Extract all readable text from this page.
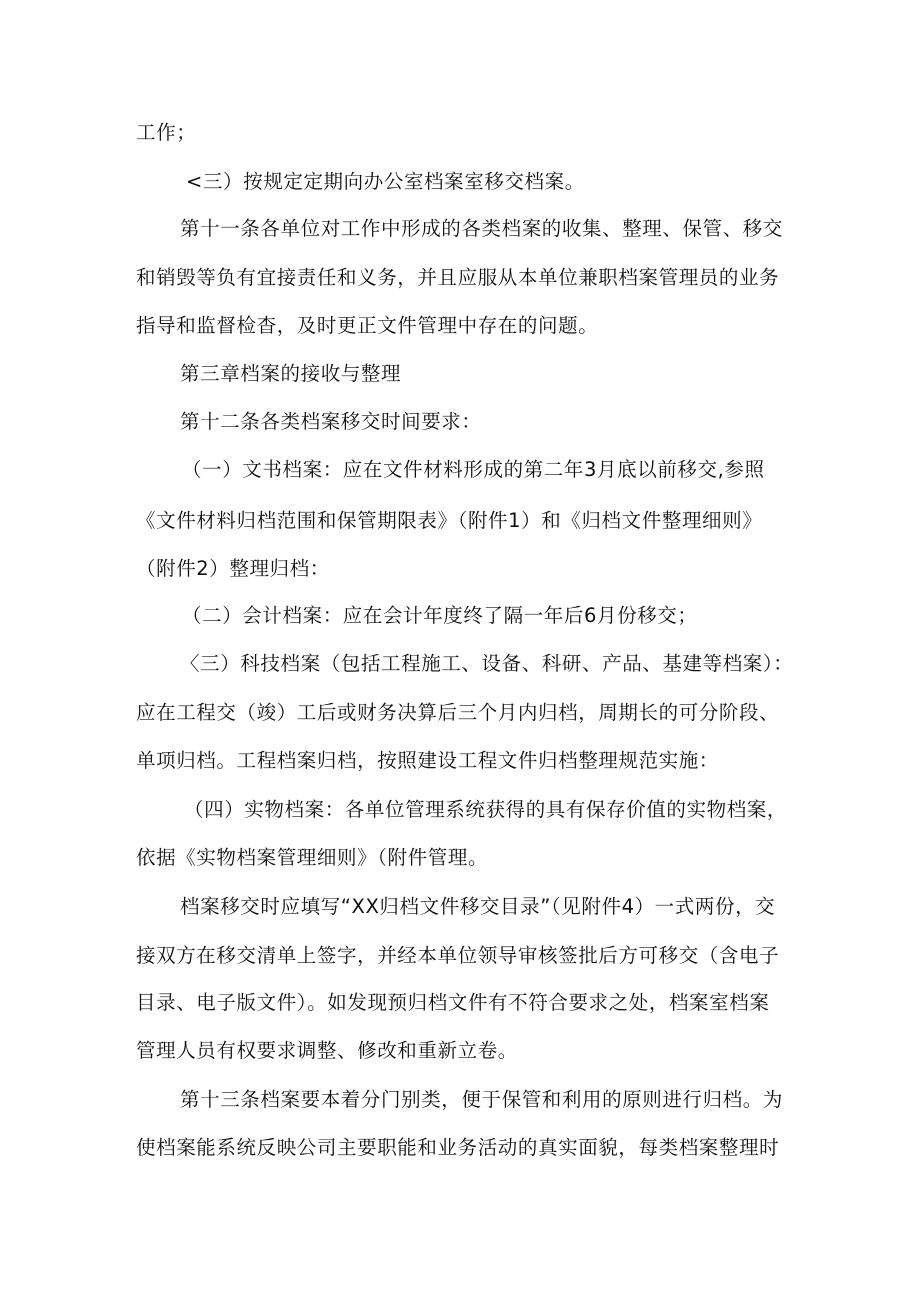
工作；
<三）按规定定期向办公室档案室移交档案。
第十一条各单位对工作中形成的各类档案的收集、整理、保管、移交
和销毁等负有宜接责任和义务，并且应服从本单位兼职档案管理员的业务
指导和监督检杳，及时更正文件管理中存在的问题。
第三章档案的接收与整理
第十二条各类档案移交时间要求：
（一）文书档案：应在文件材料形成的第二年3月底以前移交,参照
《文件材料归档范围和保管期限表》（附件1）和《归档文件整理细则》
（附件2）整理归档：
（二）会计档案：应在会计年度终了隔一年后6月份移交；
〈三）科技档案（包括工程施工、设备、科研、产品、基建等档案）：
应在工程交（竣）工后或财务决算后三个月内归档，周期长的可分阶段、
单项归档。工程档案归档，按照建设工程文件归档整理规范实施：
（四）实物档案：各单位管理系统获得的具有保存价值的实物档案，
依据《实物档案管理细则》（附件管理。
档案移交时应填写“XX归档文件移交目录”（见附件4）一式两份，交
接双方在移交清单上签字，并经本单位领导审核签批后方可移交（含电子
目录、电子版文件）。如发现预归档文件有不符合要求之处，档案室档案
管理人员有权要求调整、修改和重新立卷。
第十三条档案要本着分门别类，便于保管和利用的原则进行归档。为
使档案能系统反映公司主要职能和业务活动的真实面貌，每类档案整理时
